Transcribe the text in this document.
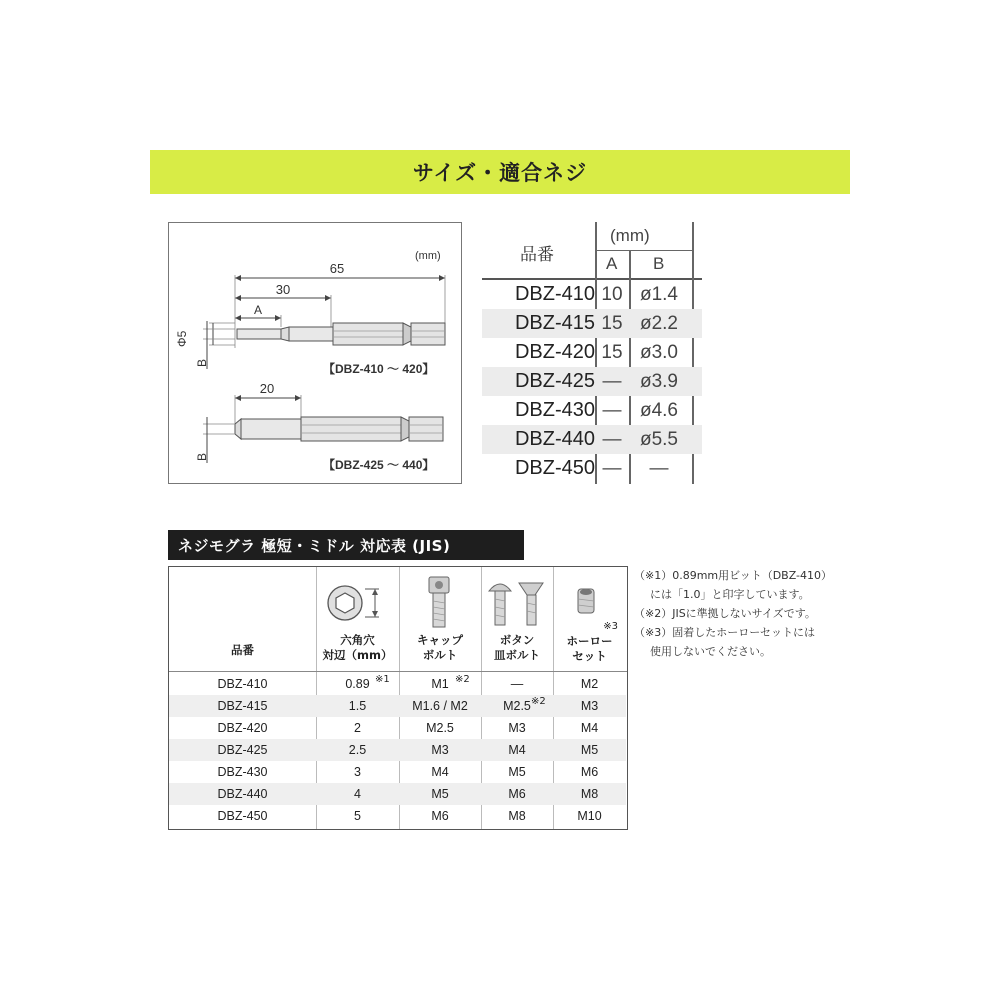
サイズ・適合ネジ
(mm)
65
30
A
Φ5
B	【DBZ-410 ～ 420】
20
B
【DBZ-425 ～ 440】
品番
(mm)
A B
DBZ-410 10 ø1.4
DBZ-415 15 ø2.2
DBZ-420 15 ø3.0
DBZ-425 — ø3.9
DBZ-430 — ø4.6
DBZ-440 — ø5.5
DBZ-450 —	—
ネジモグラ 極短・ミドル 対応表 (JIS)
品番
六角穴
対辺（mm）
キャップ
ボルト
ボタン
皿ボルト
※3
ホーロー
セット
DBZ-410	0.89 ※1	M1 ※2	—	M2
DBZ-415	1.5	M1.6 / M2	M2.5 ※2	M3
DBZ-420	2	M2.5	M3	M4
DBZ-425	2.5	M3	M4	M5
DBZ-430	3	M4	M5	M6
DBZ-440	4	M5	M6	M8
DBZ-450	5	M6	M8	M10
（※1）0.89mm用ビット（DBZ-410）
には「1.0」と印字しています。
（※2）JISに準拠しないサイズです。
（※3）固着したホーローセットには
使用しないでください。
